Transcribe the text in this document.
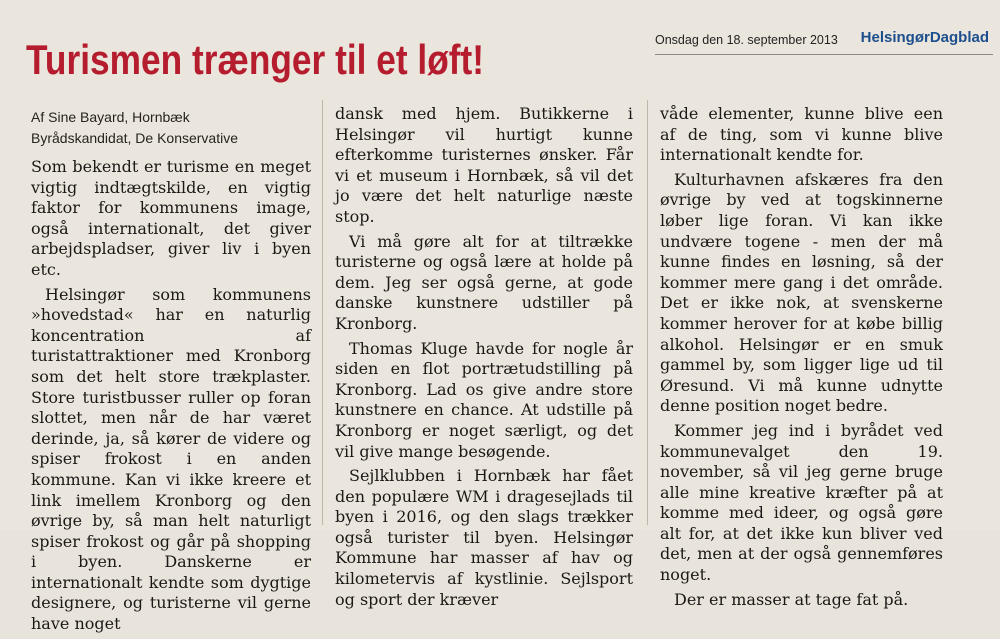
Onsdag den 18. september 2013 HelsingørDagblad
Turismen trænger til et løft!
Af Sine Bayard, Hornbæk
Byrådskandidat, De Konservative

Som bekendt er turisme en meget vigtig indtægtskilde, en vigtig faktor for kommunens image, også internationalt, det giver arbejdspladser, giver liv i byen etc.

Helsingør som kommunens »hovedstad« har en naturlig koncentration af turistattraktioner med Kronborg som det helt store trækplaster. Store turistbusser ruller op foran slottet, men når de har været derinde, ja, så kører de videre og spiser frokost i en anden kommune. Kan vi ikke kreere et link imellem Kronborg og den øvrige by, så man helt naturligt spiser frokost og går på shopping i byen. Danskerne er internationalt kendte som dygtige designere, og turisterne vil gerne have noget

dansk med hjem. Butikkerne i Helsingør vil hurtigt kunne efterkomme turisternes ønsker. Får vi et museum i Hornbæk, så vil det jo være det helt naturlige næste stop.

Vi må gøre alt for at tiltrække turisterne og også lære at holde på dem. Jeg ser også gerne, at gode danske kunstnere udstiller på Kronborg.

Thomas Kluge havde for nogle år siden en flot portrætudstilling på Kronborg. Lad os give andre store kunstnere en chance. At udstille på Kronborg er noget særligt, og det vil give mange besøgende.

Sejlklubben i Hornbæk har fået den populære WM i dragesejlads til byen i 2016, og den slags trækker også turister til byen. Helsingør Kommune har masser af hav og kilometervis af kystlinie. Sejlsport og sport der kræver

våde elementer, kunne blive een af de ting, som vi kunne blive internationalt kendte for.

Kulturhavnen afskæres fra den øvrige by ved at togskinnerne løber lige foran. Vi kan ikke undvære togene - men der må kunne findes en løsning, så der kommer mere gang i det område. Det er ikke nok, at svenskerne kommer herover for at købe billig alkohol. Helsingør er en smuk gammel by, som ligger lige ud til Øresund. Vi må kunne udnytte denne position noget bedre.

Kommer jeg ind i byrådet ved kommunevalget den 19. november, så vil jeg gerne bruge alle mine kreative kræfter på at komme med ideer, og også gøre alt for, at det ikke kun bliver ved det, men at der også gennemføres noget.

Der er masser at tage fat på.
